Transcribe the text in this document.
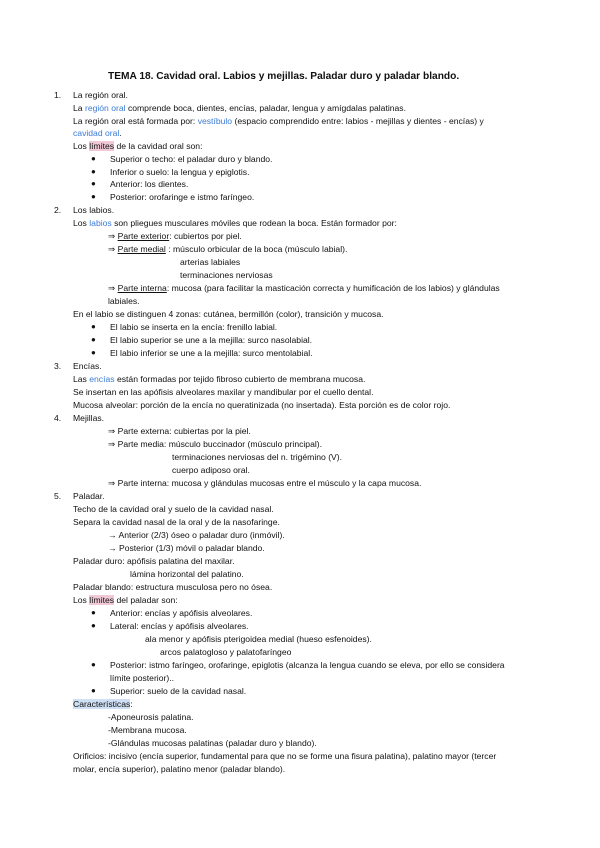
TEMA 18. Cavidad oral. Labios y mejillas. Paladar duro y paladar blando.
1. La región oral.
La región oral comprende boca, dientes, encías, paladar, lengua y amígdalas palatinas.
La región oral está formada por: vestíbulo (espacio comprendido entre: labios - mejillas y dientes - encías) y
cavidad oral.
Los límites de la cavidad oral son:
● Superior o techo: el paladar duro y blando.
● Inferior o suelo: la lengua y epiglotis.
● Anterior: los dientes.
● Posterior: orofaringe e istmo faríngeo.
2. Los labios.
Los labios son pliegues musculares móviles que rodean la boca. Están formador por:
⇒ Parte exterior: cubiertos por piel.
⇒ Parte medial : músculo orbicular de la boca (músculo labial).
arterias labiales
terminaciones nerviosas
⇒ Parte interna: mucosa (para facilitar la masticación correcta y humificación de los labios) y glándulas
labiales.
En el labio se distinguen 4 zonas: cutánea, bermillón (color), transición y mucosa.
● El labio se inserta en la encía: frenillo labial.
● El labio superior se une a la mejilla: surco nasolabial.
● El labio inferior se une a la mejilla: surco mentolabial.
3. Encías.
Las encías están formadas por tejido fibroso cubierto de membrana mucosa.
Se insertan en las apófisis alveolares maxilar y mandibular por el cuello dental.
Mucosa alveolar: porción de la encía no queratinizada (no insertada). Esta porción es de color rojo.
4. Mejillas.
⇒ Parte externa: cubiertas por la piel.
⇒ Parte media: músculo buccinador (músculo principal).
terminaciones nerviosas del n. trigémino (V).
cuerpo adiposo oral.
⇒ Parte interna: mucosa y glándulas mucosas entre el músculo y la capa mucosa.
5. Paladar.
Techo de la cavidad oral y suelo de la cavidad nasal.
Separa la cavidad nasal de la oral y de la nasofaringe.
→ Anterior (2/3) óseo o paladar duro (inmóvil).
→ Posterior (1/3) móvil o paladar blando.
Paladar duro: apófisis palatina del maxilar.
lámina horizontal del palatino.
Paladar blando: estructura musculosa pero no ósea.
Los límites del paladar son:
● Anterior: encías y apófisis alveolares.
● Lateral: encías y apófisis alveolares.
ala menor y apófisis pterigoidea medial (hueso esfenoides).
arcos palatogloso y palatofaríngeo
● Posterior: istmo faríngeo, orofaringe, epiglotis (alcanza la lengua cuando se eleva, por ello se considera
límite posterior)..
● Superior: suelo de la cavidad nasal.
Características:
-Aponeurosis palatina.
-Membrana mucosa.
-Glándulas mucosas palatinas (paladar duro y blando).
Orificios: incisivo (encía superior, fundamental para que no se forme una fisura palatina), palatino mayor (tercer
molar, encía superior), palatino menor (paladar blando).
